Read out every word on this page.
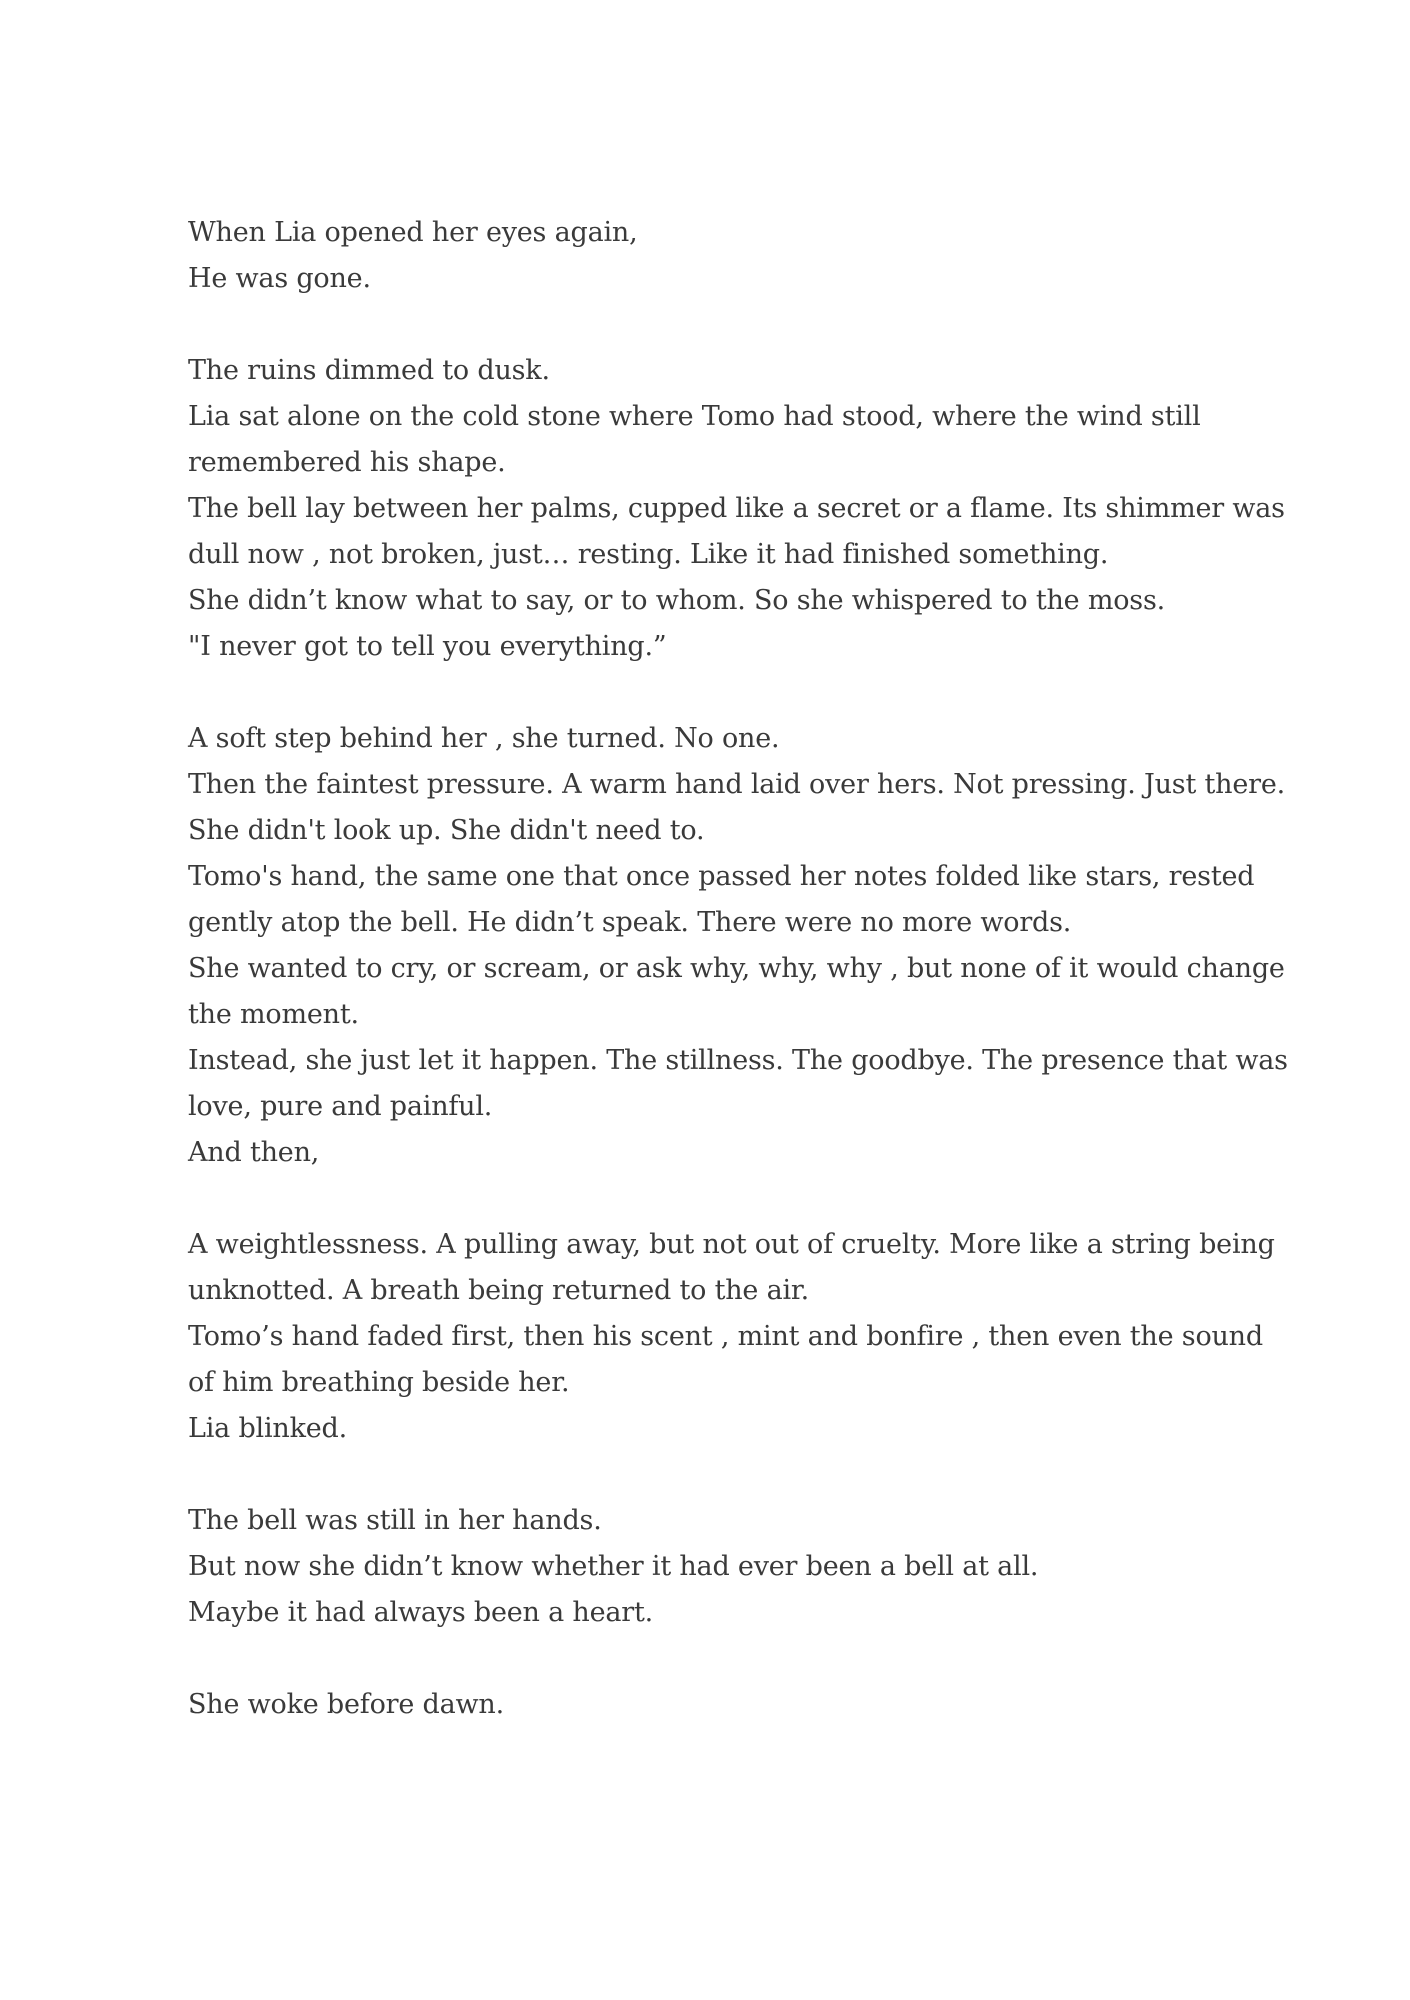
When Lia opened her eyes again,
He was gone.
The ruins dimmed to dusk.
Lia sat alone on the cold stone where Tomo had stood, where the wind still
remembered his shape.
The bell lay between her palms, cupped like a secret or a flame. Its shimmer was
dull now , not broken, just… resting. Like it had finished something.
She didn’t know what to say, or to whom. So she whispered to the moss.
"I never got to tell you everything.”
A soft step behind her , she turned. No one.
Then the faintest pressure. A warm hand laid over hers. Not pressing. Just there.
She didn't look up. She didn't need to.
Tomo's hand, the same one that once passed her notes folded like stars, rested
gently atop the bell. He didn’t speak. There were no more words.
She wanted to cry, or scream, or ask why, why, why , but none of it would change
the moment.
Instead, she just let it happen. The stillness. The goodbye. The presence that was
love, pure and painful.
And then,
A weightlessness. A pulling away, but not out of cruelty. More like a string being
unknotted. A breath being returned to the air.
Tomo’s hand faded first, then his scent , mint and bonfire , then even the sound
of him breathing beside her.
Lia blinked.
The bell was still in her hands.
But now she didn’t know whether it had ever been a bell at all.
Maybe it had always been a heart.
She woke before dawn.
